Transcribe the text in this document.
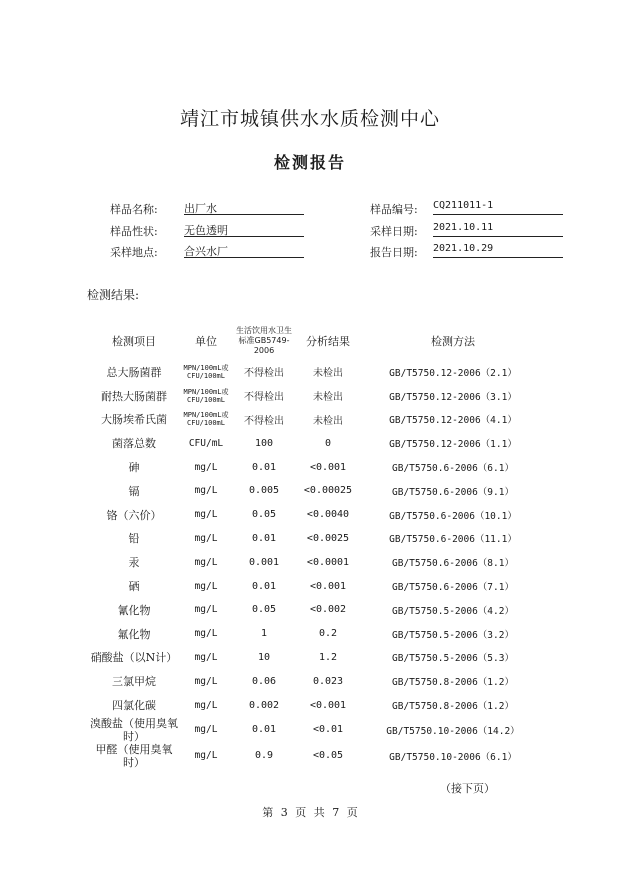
靖江市城镇供水水质检测中心
检测报告
样品名称: 出厂水
样品性状: 无色透明
采样地点: 合兴水厂
样品编号: CQ211011-1
采样日期: 2021.10.11
报告日期: 2021.10.29
检测结果:
检测项目	单位	生活饮用水卫生标准GB5749-2006	分析结果	检测方法
总大肠菌群	MPN/100mL或CFU/100mL	不得检出	未检出	GB/T5750.12-2006（2.1）
耐热大肠菌群	MPN/100mL或CFU/100mL	不得检出	未检出	GB/T5750.12-2006（3.1）
大肠埃希氏菌	MPN/100mL或CFU/100mL	不得检出	未检出	GB/T5750.12-2006（4.1）
菌落总数	CFU/mL	100	0	GB/T5750.12-2006（1.1）
砷	mg/L	0.01	<0.001	GB/T5750.6-2006（6.1）
镉	mg/L	0.005	<0.00025	GB/T5750.6-2006（9.1）
铬（六价）	mg/L	0.05	<0.0040	GB/T5750.6-2006（10.1）
铅	mg/L	0.01	<0.0025	GB/T5750.6-2006（11.1）
汞	mg/L	0.001	<0.0001	GB/T5750.6-2006（8.1）
硒	mg/L	0.01	<0.001	GB/T5750.6-2006（7.1）
氰化物	mg/L	0.05	<0.002	GB/T5750.5-2006（4.2）
氟化物	mg/L	1	0.2	GB/T5750.5-2006（3.2）
硝酸盐（以N计）	mg/L	10	1.2	GB/T5750.5-2006（5.3）
三氯甲烷	mg/L	0.06	0.023	GB/T5750.8-2006（1.2）
四氯化碳	mg/L	0.002	<0.001	GB/T5750.8-2006（1.2）
溴酸盐（使用臭氧时）	mg/L	0.01	<0.01	GB/T5750.10-2006（14.2）
甲醛（使用臭氧时）	mg/L	0.9	<0.05	GB/T5750.10-2006（6.1）
（接下页）
第 3 页 共 7 页
